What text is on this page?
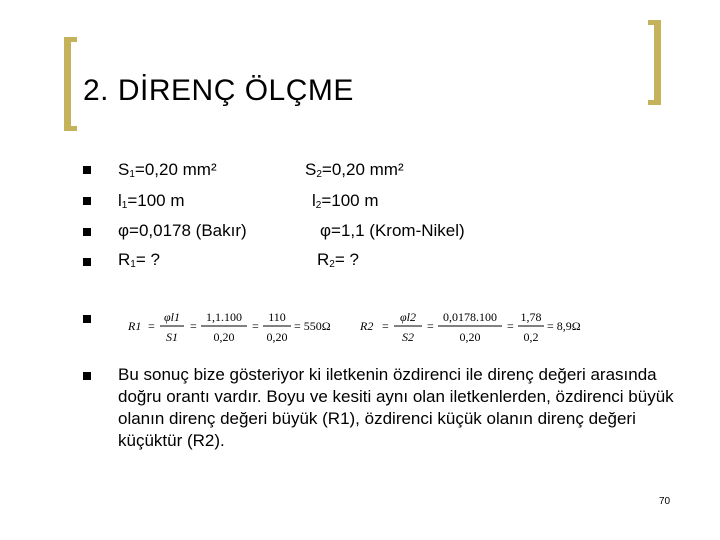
2. DİRENÇ ÖLÇME
$S_1=0,20$ mm²
$l_1=100$ m
φ=0,0178 (Bakır)
$R_1=$ ?
$S_2=0,20$ mm²
$l_2=100$ m
φ=1,1 (Krom-Nikel)
$R_2=$ ?
R1 =
φl1
S1
=
1,1.100
0,20
=
110
0,20
= 550Ω R2 =
φl2
S2
=
0,0178.100
0,20
=
1,78
0,2
= 8,9Ω
Bu sonuç bize gösteriyor ki iletkenin özdirenci ile direnç değeri arasında doğru orantı vardır. Boyu ve kesiti aynı olan iletkenlerden, özdirenci büyük olanın direnç değeri büyük (R1), özdirenci küçük olanın direnç değeri küçüktür (R2).
70
